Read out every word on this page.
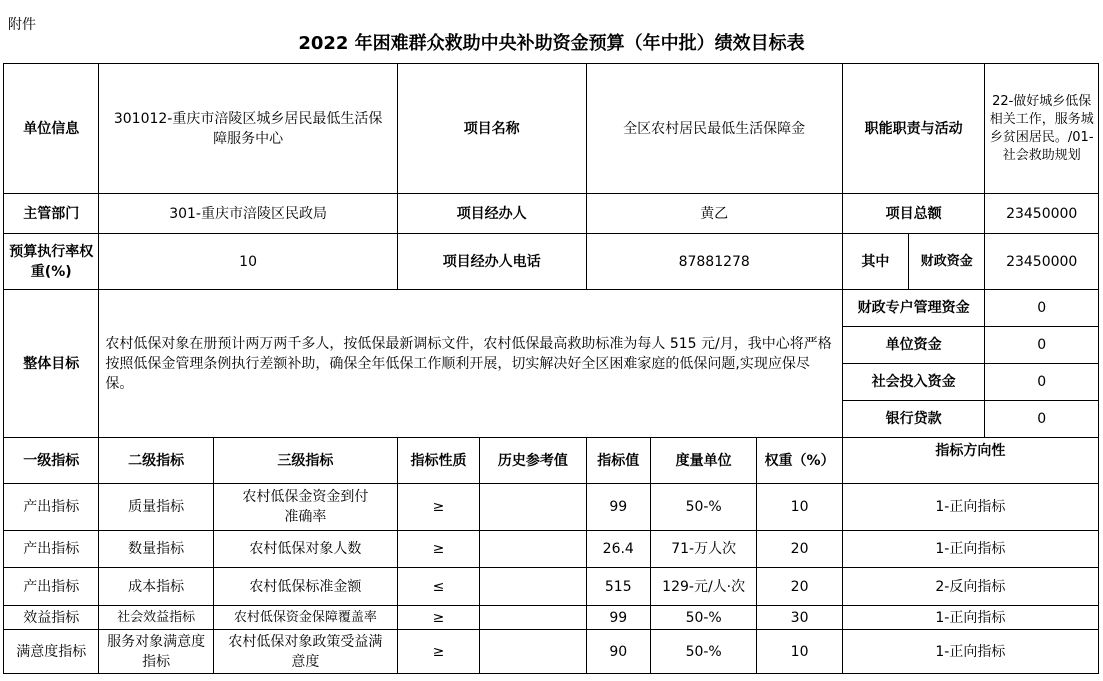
附件
2022 年困难群众救助中央补助资金预算（年中批）绩效目标表
单位信息	301012-重庆市涪陵区城乡居民最低生活保障服务中心		项目名称		全区农村居民最低生活保障金			职能职责与活动		22-做好城乡低保相关工作，服务城乡贫困居民。/01-社会救助规划
主管部门	301-重庆市涪陵区民政局		项目经办人		黄乙			项目总额		23450000
预算执行率权重(%)	10		项目经办人电话		87881278			其中	财政资金	23450000
整体目标	农村低保对象在册预计两万两千多人，按低保最新调标文件，农村低保最高救助标准为每人 515 元/月，我中心将严格按照低保金管理条例执行差额补助，确保全年低保工作顺利开展，切实解决好全区困难家庭的低保问题,实现应保尽保。							财政专户管理资金		0
								单位资金		0
								社会投入资金		0
								银行贷款		0
一级指标	二级指标	三级指标	指标性质	历史参考值	指标值	度量单位	权重（%）	指标方向性		
产出指标	质量指标	农村低保金资金到付准确率	≥		99	50-%	10	1-正向指标		
产出指标	数量指标	农村低保对象人数	≥		26.4	71-万人次	20	1-正向指标		
产出指标	成本指标	农村低保标准金额	≤		515	129-元/人·次	20	2-反向指标		
效益指标	社会效益指标	农村低保资金保障覆盖率	≥		99	50-%	30	1-正向指标		
满意度指标	服务对象满意度指标	农村低保对象政策受益满意度	≥		90	50-%	10	1-正向指标		
